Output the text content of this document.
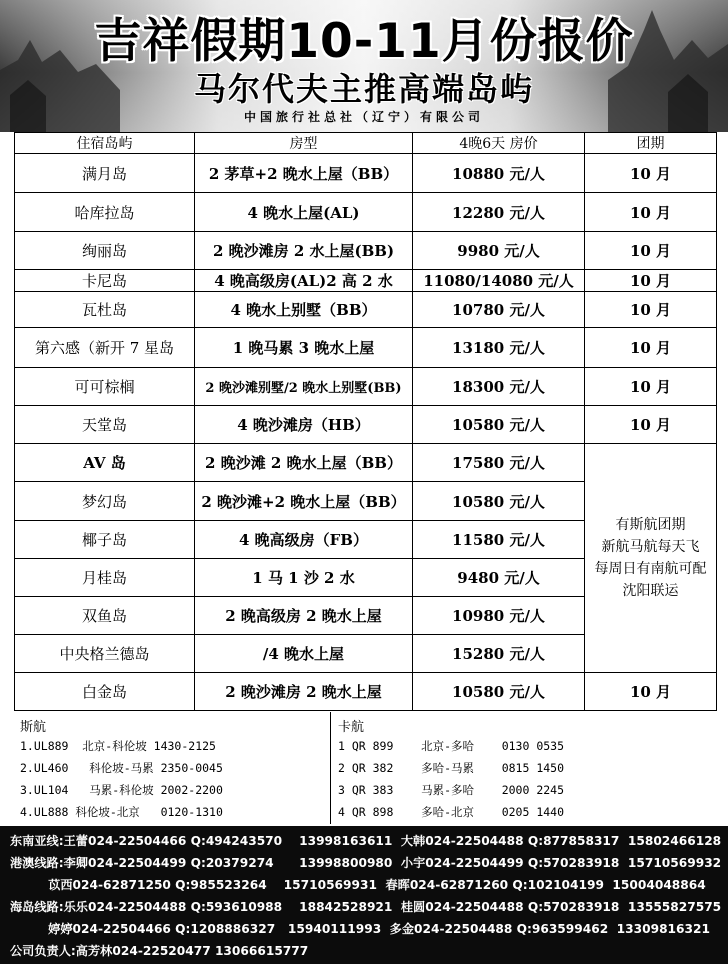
吉祥假期10-11月份报价
马尔代夫主推高端岛屿
中国旅行社总社（辽宁）有限公司
住宿岛屿	房型	4晚6天 房价	团期
满月岛	2 茅草+2 晚水上屋（BB）	10880 元/人	10 月
哈库拉岛	4 晚水上屋(AL)	12280 元/人	10 月
绚丽岛	2 晚沙滩房 2 水上屋(BB)	9980 元/人	10 月
卡尼岛	4 晚高级房(AL)2 高 2 水	11080/14080 元/人	10 月
瓦杜岛	4 晚水上别墅（BB）	10780 元/人	10 月
第六感（新开 7 星岛	1 晚马累 3 晚水上屋	13180 元/人	10 月
可可棕榈	2 晚沙滩别墅/2 晚水上别墅(BB)	18300 元/人	10 月
天堂岛	4 晚沙滩房（HB）	10580 元/人	10 月
AV 岛	2 晚沙滩 2 晚水上屋（BB）	17580 元/人	有斯航团期
新航马航每天飞
每周日有南航可配
沈阳联运

梦幻岛	2 晚沙滩+2 晚水上屋（BB）	10580 元/人	
椰子岛	4 晚高级房（FB）	11580 元/人	
月桂岛	1 马 1 沙 2 水	9480 元/人	
双鱼岛	2 晚高级房 2 晚水上屋	10980 元/人	
中央格兰德岛	/4 晚水上屋	15280 元/人	
白金岛	2 晚沙滩房 2 晚水上屋	10580 元/人	10 月
斯航
1.UL889  北京-科伦坡 1430-2125
2.UL460   科伦坡-马累 2350-0045
3.UL104   马累-科伦坡 2002-2200
4.UL888 科伦坡-北京   0120-1310
卡航
1 QR 899    北京-多哈    0130 0535
2 QR 382    多哈-马累    0815 1450
3 QR 383    马累-多哈    2000 2245
4 QR 898    多哈-北京    0205 1440
东南亚线:王蕾024-22504466 Q:494243570    13998163611  大韩024-22504488 Q:877858317  15802466128
港澳线路:李卿024-22504499 Q:20379274      13998800980  小宇024-22504499 Q:570283918  15710569932
苡西024-62871250 Q:985523264    15710569931  春晖024-62871260 Q:102104199  15004048864
海岛线路:乐乐024-22504488 Q:593610988    18842528921  桂圆024-22504488 Q:570283918  13555827575
婷婷024-22504466 Q:1208886327   15940111993  多金024-22504488 Q:963599462  13309816321
公司负责人:高芳林024-22520477 13066615777
